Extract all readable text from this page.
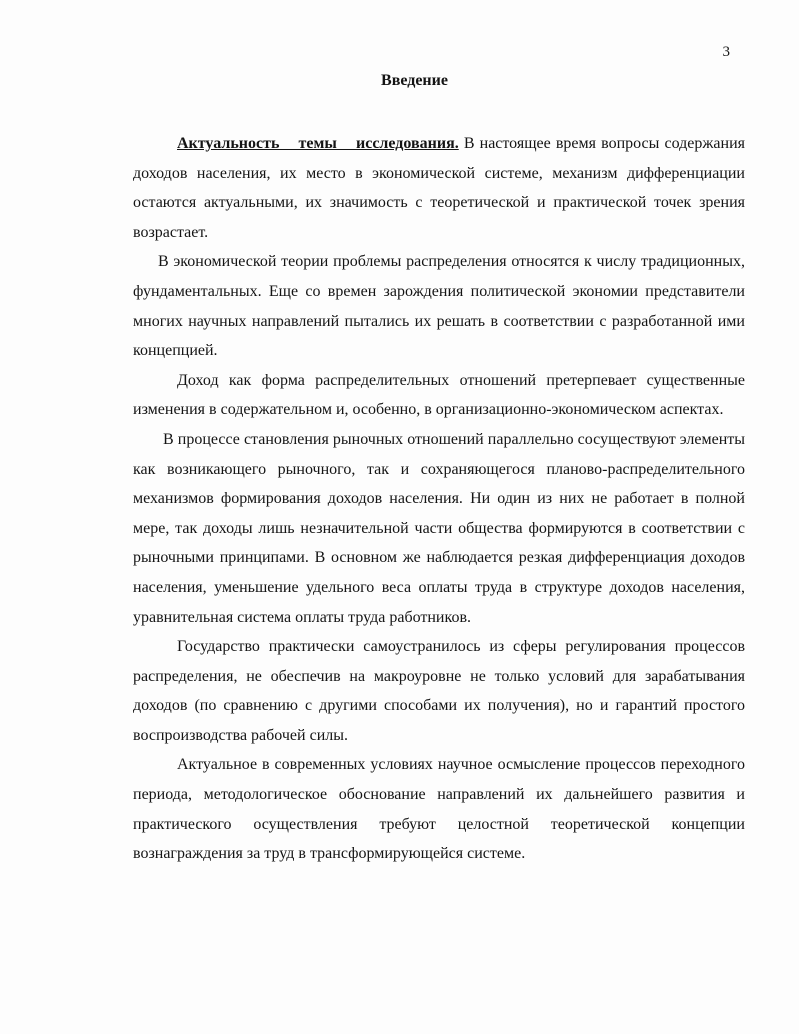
3
Введение

Актуальность темы исследования. В настоящее время вопросы содержания доходов населения, их место в экономической системе, механизм дифференциации остаются актуальными, их значимость с теоретической и практической точек зрения возрастает.

В экономической теории проблемы распределения относятся к числу традиционных, фундаментальных. Еще со времен зарождения политической экономии представители многих научных направлений пытались их решать в соответствии с разработанной ими концепцией.

Доход как форма распределительных отношений претерпевает существенные изменения в содержательном и, особенно, в организационно-экономическом аспектах.

В процессе становления рыночных отношений параллельно сосуществуют элементы как возникающего рыночного, так и сохраняющегося планово-распределительного механизмов формирования доходов населения. Ни один из них не работает в полной мере, так доходы лишь незначительной части общества формируются в соответствии с рыночными принципами. В основном же наблюдается резкая дифференциация доходов населения, уменьшение удельного веса оплаты труда в структуре доходов населения, уравнительная система оплаты труда работников.

Государство практически самоустранилось из сферы регулирования процессов распределения, не обеспечив на макроуровне не только условий для зарабатывания доходов (по сравнению с другими способами их получения), но и гарантий простого воспроизводства рабочей силы.

Актуальное в современных условиях научное осмысление процессов переходного периода, методологическое обоснование направлений их дальнейшего развития и практического осуществления требуют целостной теоретической концепции вознаграждения за труд в трансформирующейся системе.
